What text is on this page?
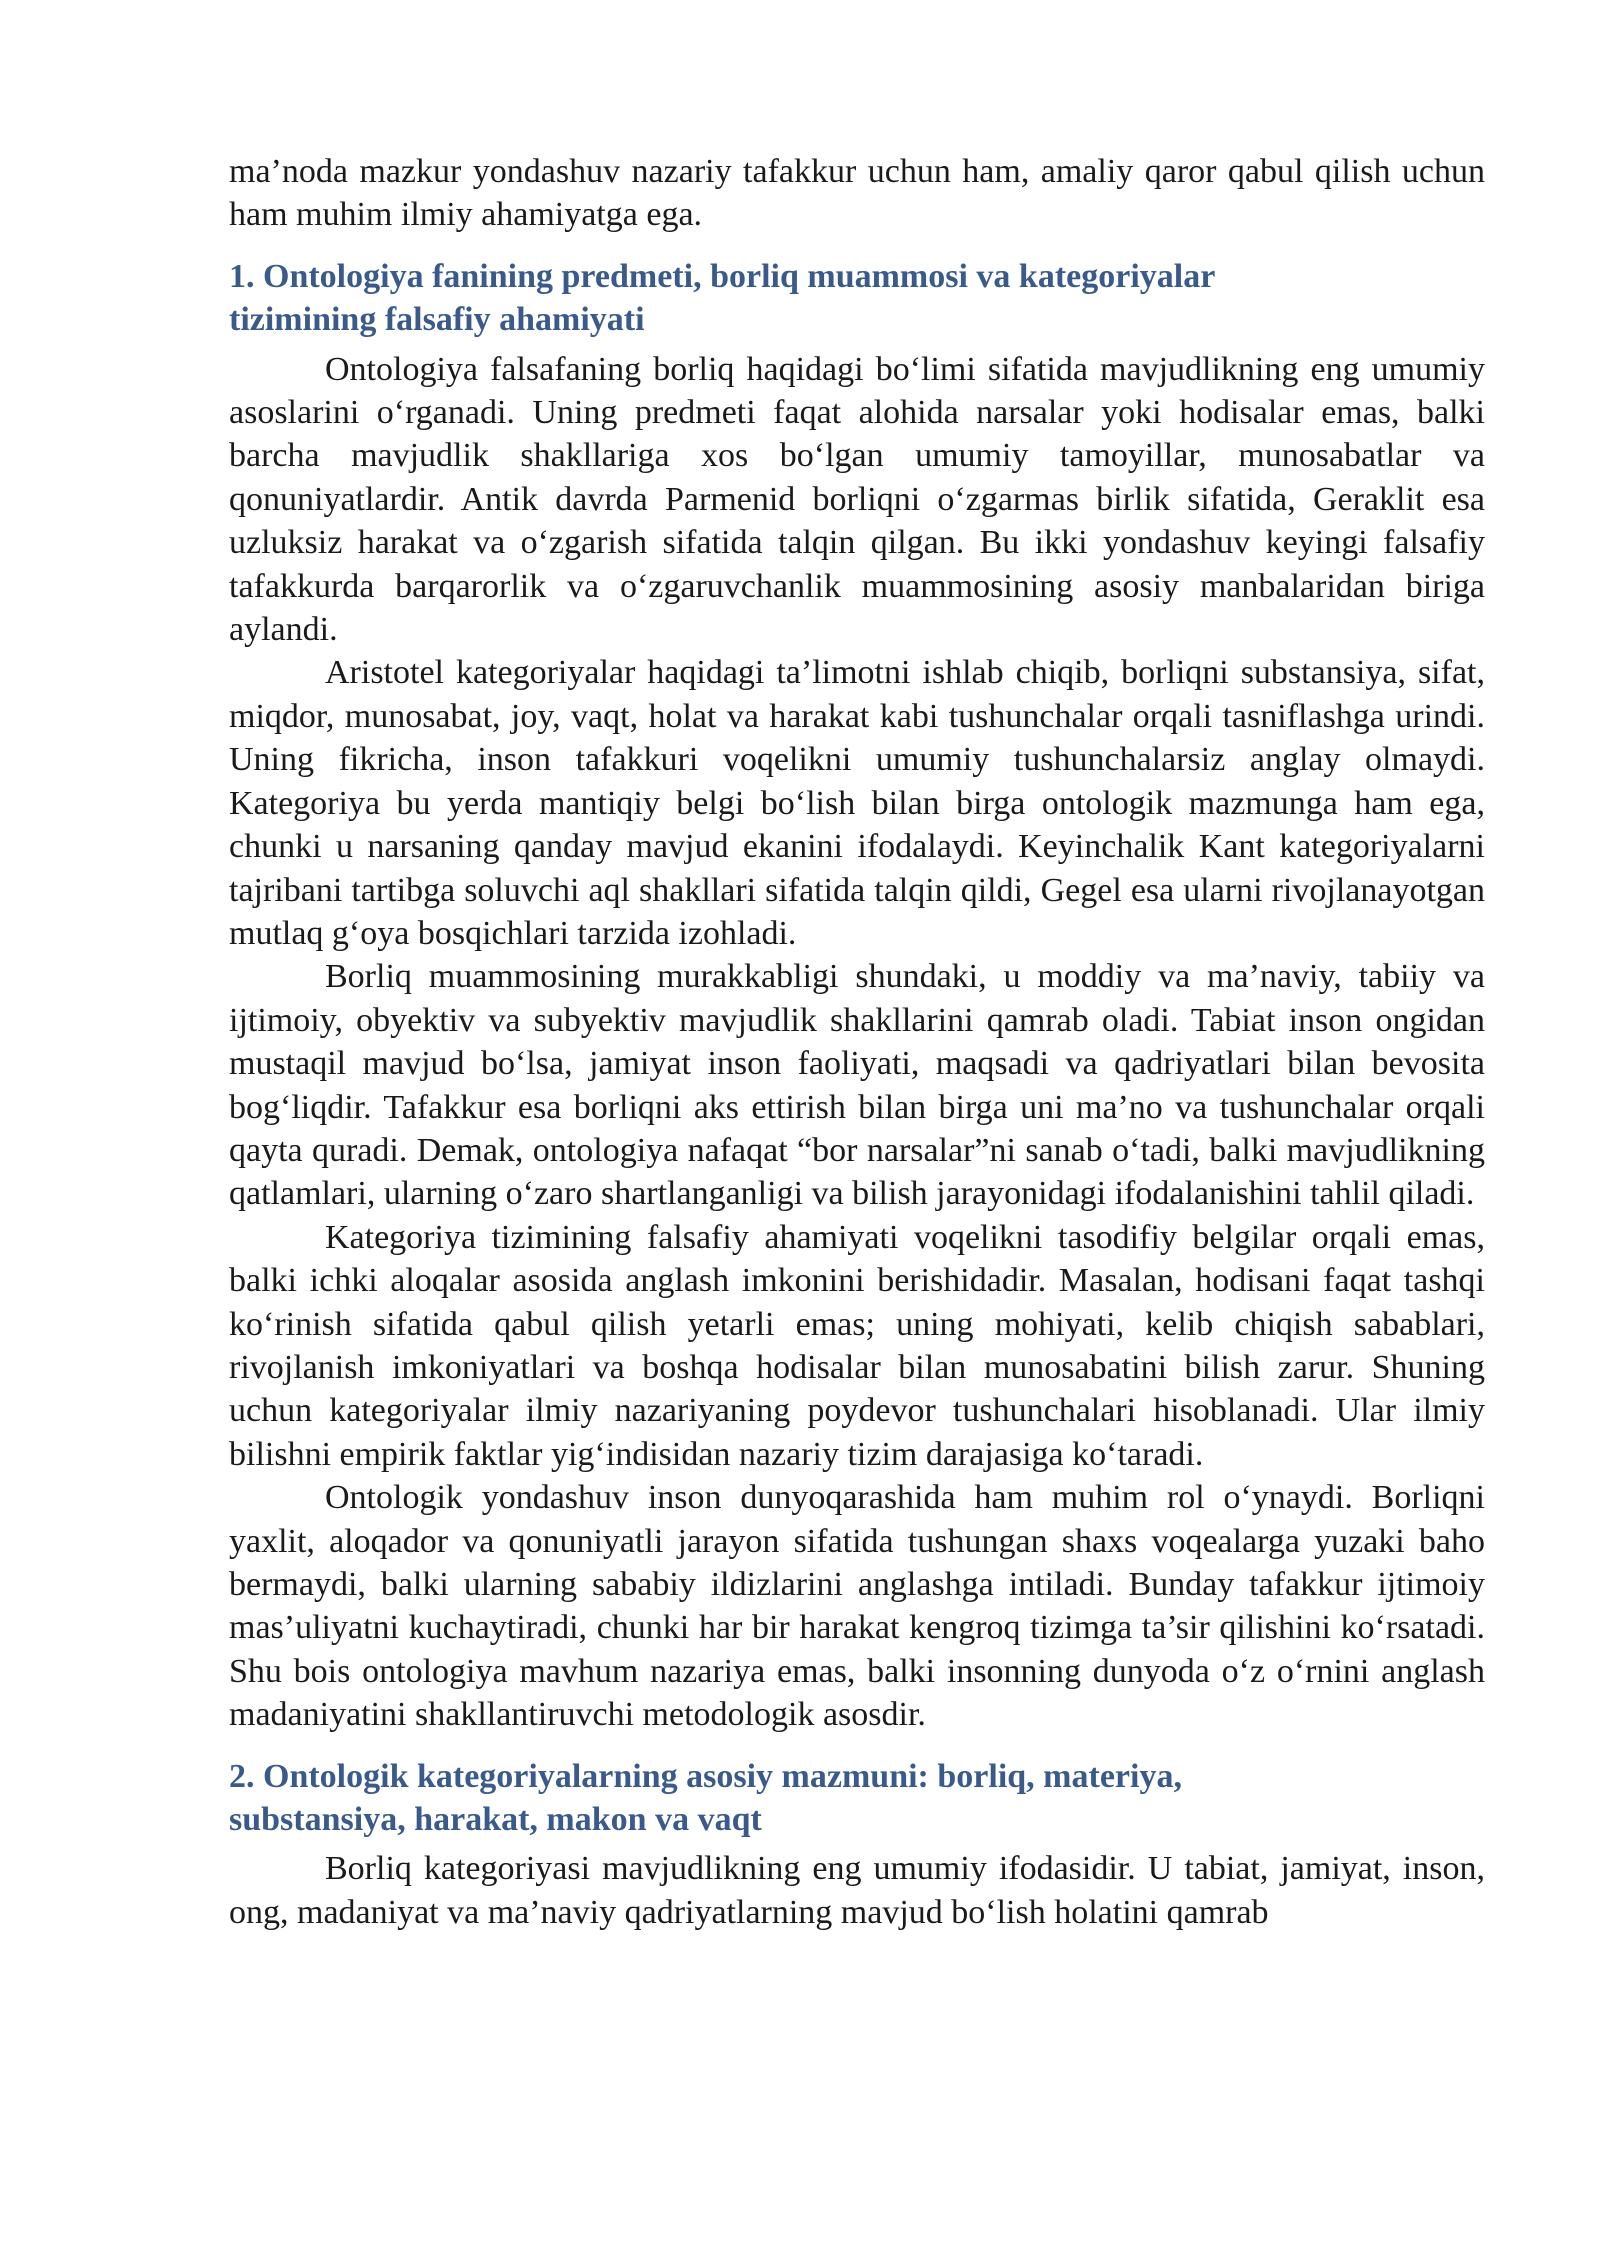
ma’noda mazkur yondashuv nazariy tafakkur uchun ham, amaliy qaror qabul qilish uchun ham muhim ilmiy ahamiyatga ega.

1. Ontologiya fanining predmeti, borliq muammosi va kategoriyalar
tizimining falsafiy ahamiyati

Ontologiya falsafaning borliq haqidagi bo‘limi sifatida mavjudlikning eng umumiy asoslarini o‘rganadi. Uning predmeti faqat alohida narsalar yoki hodisalar emas, balki barcha mavjudlik shakllariga xos bo‘lgan umumiy tamoyillar, munosabatlar va qonuniyatlardir. Antik davrda Parmenid borliqni o‘zgarmas birlik sifatida, Geraklit esa uzluksiz harakat va o‘zgarish sifatida talqin qilgan. Bu ikki yondashuv keyingi falsafiy tafakkurda barqarorlik va o‘zgaruvchanlik muammosining asosiy manbalaridan biriga aylandi.

Aristotel kategoriyalar haqidagi ta’limotni ishlab chiqib, borliqni substansiya, sifat, miqdor, munosabat, joy, vaqt, holat va harakat kabi tushunchalar orqali tasniflashga urindi. Uning fikricha, inson tafakkuri voqelikni umumiy tushunchalarsiz anglay olmaydi. Kategoriya bu yerda mantiqiy belgi bo‘lish bilan birga ontologik mazmunga ham ega, chunki u narsaning qanday mavjud ekanini ifodalaydi. Keyinchalik Kant kategoriyalarni tajribani tartibga soluvchi aql shakllari sifatida talqin qildi, Gegel esa ularni rivojlanayotgan mutlaq g‘oya bosqichlari tarzida izohladi.

Borliq muammosining murakkabligi shundaki, u moddiy va ma’naviy, tabiiy va ijtimoiy, obyektiv va subyektiv mavjudlik shakllarini qamrab oladi. Tabiat inson ongidan mustaqil mavjud bo‘lsa, jamiyat inson faoliyati, maqsadi va qadriyatlari bilan bevosita bog‘liqdir. Tafakkur esa borliqni aks ettirish bilan birga uni ma’no va tushunchalar orqali qayta quradi. Demak, ontologiya nafaqat “bor narsalar”ni sanab o‘tadi, balki mavjudlikning qatlamlari, ularning o‘zaro shartlanganligi va bilish jarayonidagi ifodalanishini tahlil qiladi.

Kategoriya tizimining falsafiy ahamiyati voqelikni tasodifiy belgilar orqali emas, balki ichki aloqalar asosida anglash imkonini berishidadir. Masalan, hodisani faqat tashqi ko‘rinish sifatida qabul qilish yetarli emas; uning mohiyati, kelib chiqish sabablari, rivojlanish imkoniyatlari va boshqa hodisalar bilan munosabatini bilish zarur. Shuning uchun kategoriyalar ilmiy nazariyaning poydevor tushunchalari hisoblanadi. Ular ilmiy bilishni empirik faktlar yig‘indisidan nazariy tizim darajasiga ko‘taradi.

Ontologik yondashuv inson dunyoqarashida ham muhim rol o‘ynaydi. Borliqni yaxlit, aloqador va qonuniyatli jarayon sifatida tushungan shaxs voqealarga yuzaki baho bermaydi, balki ularning sababiy ildizlarini anglashga intiladi. Bunday tafakkur ijtimoiy mas’uliyatni kuchaytiradi, chunki har bir harakat kengroq tizimga ta’sir qilishini ko‘rsatadi. Shu bois ontologiya mavhum nazariya emas, balki insonning dunyoda o‘z o‘rnini anglash madaniyatini shakllantiruvchi metodologik asosdir.

2. Ontologik kategoriyalarning asosiy mazmuni: borliq, materiya,
substansiya, harakat, makon va vaqt

Borliq kategoriyasi mavjudlikning eng umumiy ifodasidir. U tabiat, jamiyat, inson, ong, madaniyat va ma’naviy qadriyatlarning mavjud bo‘lish holatini qamrab
